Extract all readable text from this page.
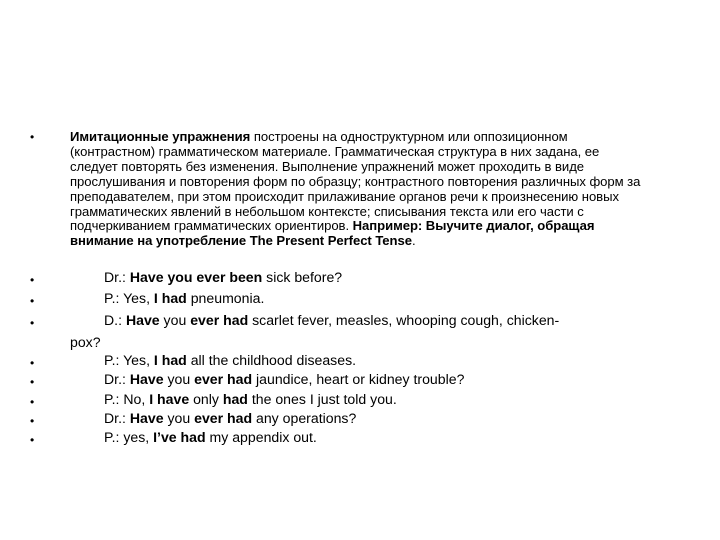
•	Имитационные упражнения построены на одноструктурном или оппозиционном (контрастном) грамматическом материале. Грамматическая структура в них задана, ее следует повторять без изменения. Выполнение упражнений может проходить в виде прослушивания и повторения форм по образцу; контрастного повторения различных форм за преподавателем, при этом происходит прилаживание органов речи к произнесению новых грамматических явлений в небольшом контексте; списывания текста или его части с подчеркиванием грамматических ориентиров. Например: Выучите диалог, обращая внимание на употребление The Present Perfect Tense.
•	Dr.: Have you ever been sick before?
•	P.: Yes, I had pneumonia.
•	D.: Have you ever had scarlet fever, measles, whooping cough, chicken-
pox?
•	P.: Yes, I had all the childhood diseases.
•	Dr.: Have you ever had jaundice, heart or kidney trouble?
•	P.: No, I have only had the ones I just told you.
•	Dr.: Have you ever had any operations?
•	P.: yes, I’ve had my appendix out.
